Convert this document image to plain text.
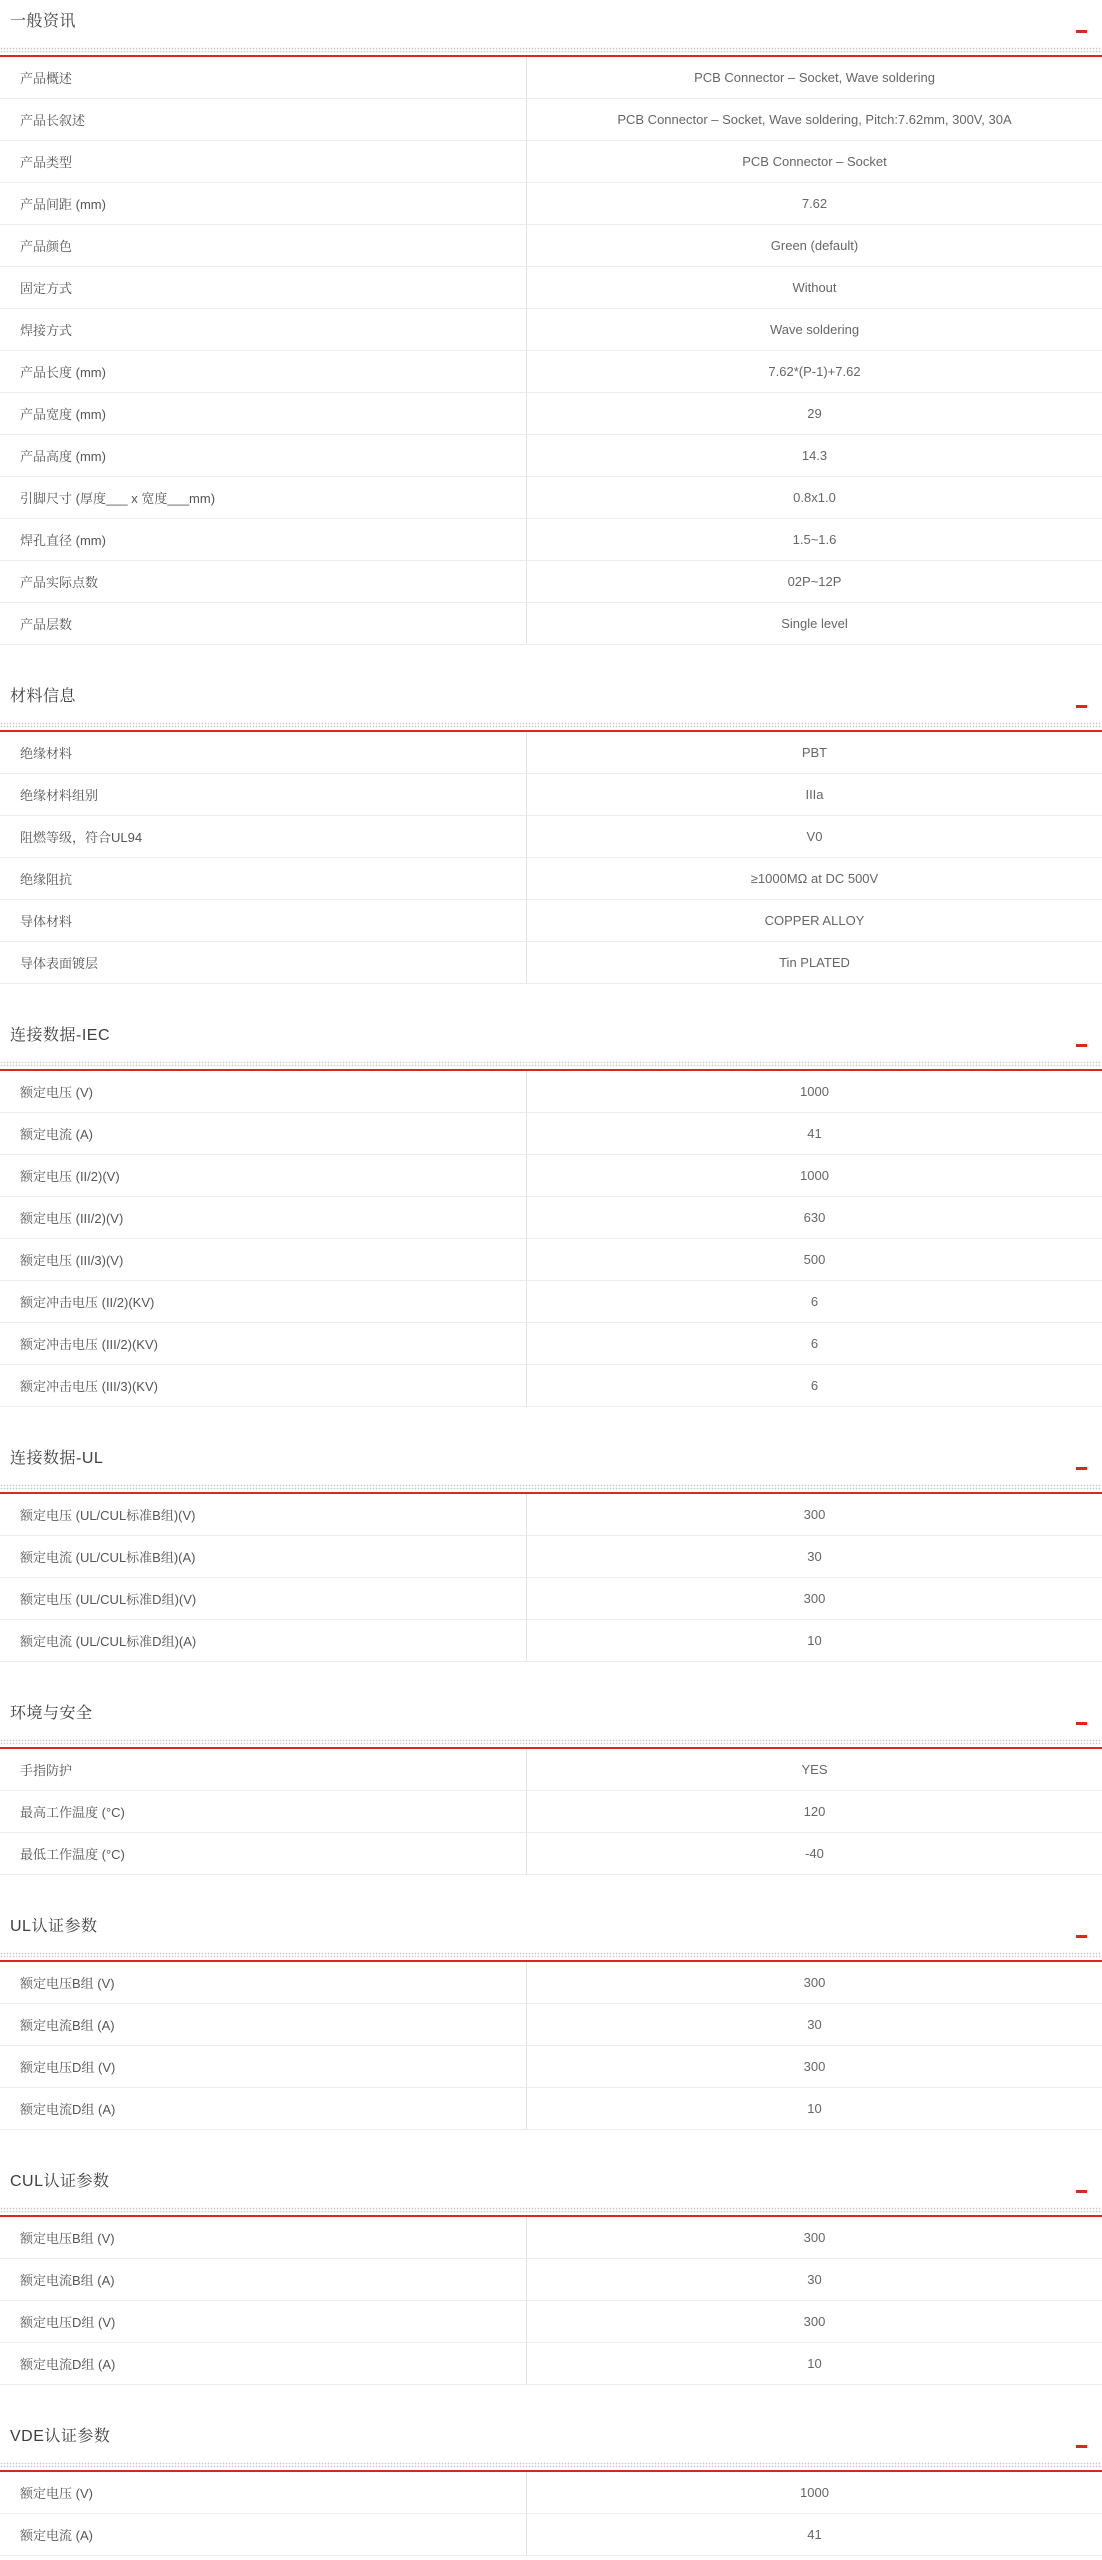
一般资讯
产品概述	PCB Connector – Socket, Wave soldering
产品长叙述	PCB Connector – Socket, Wave soldering, Pitch:7.62mm, 300V, 30A
产品类型	PCB Connector – Socket
产品间距 (mm)	7.62
产品颜色	Green (default)
固定方式	Without
焊接方式	Wave soldering
产品长度 (mm)	7.62*(P-1)+7.62
产品宽度 (mm)	29
产品高度 (mm)	14.3
引脚尺寸 (厚度___ x 宽度___mm)	0.8x1.0
焊孔直径 (mm)	1.5~1.6
产品实际点数	02P~12P
产品层数	Single level
材料信息
绝缘材料	PBT
绝缘材料组别	IIIa
阻燃等级，符合UL94	V0
绝缘阻抗	≥1000MΩ at DC 500V
导体材料	COPPER ALLOY
导体表面镀层	Tin PLATED
连接数据-IEC
额定电压 (V)	1000
额定电流 (A)	41
额定电压 (II/2)(V)	1000
额定电压 (III/2)(V)	630
额定电压 (III/3)(V)	500
额定冲击电压 (II/2)(KV)	6
额定冲击电压 (III/2)(KV)	6
额定冲击电压 (III/3)(KV)	6
连接数据-UL
额定电压 (UL/CUL标准B组)(V)	300
额定电流 (UL/CUL标准B组)(A)	30
额定电压 (UL/CUL标准D组)(V)	300
额定电流 (UL/CUL标准D组)(A)	10
环境与安全
手指防护	YES
最高工作温度 (°C)	120
最低工作温度 (°C)	-40
UL认证参数
额定电压B组 (V)	300
额定电流B组 (A)	30
额定电压D组 (V)	300
额定电流D组 (A)	10
CUL认证参数
额定电压B组 (V)	300
额定电流B组 (A)	30
额定电压D组 (V)	300
额定电流D组 (A)	10
VDE认证参数
额定电压 (V)	1000
额定电流 (A)	41
